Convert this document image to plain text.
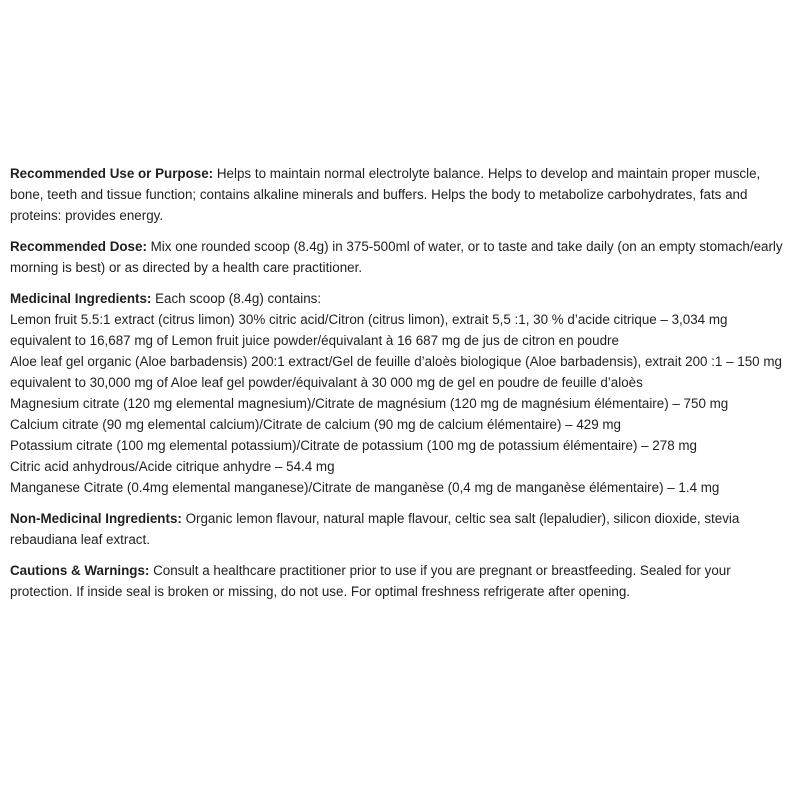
Recommended Use or Purpose: Helps to maintain normal electrolyte balance. Helps to develop and maintain proper muscle, bone, teeth and tissue function; contains alkaline minerals and buffers. Helps the body to metabolize carbohydrates, fats and proteins: provides energy.

Recommended Dose: Mix one rounded scoop (8.4g) in 375-500ml of water, or to taste and take daily (on an empty stomach/early morning is best) or as directed by a health care practitioner.

Medicinal Ingredients: Each scoop (8.4g) contains:

Lemon fruit 5.5:1 extract (citrus limon) 30% citric acid/Citron (citrus limon), extrait 5,5 :1, 30 % d’acide citrique – 3,034 mg

equivalent to 16,687 mg of Lemon fruit juice powder/équivalant à 16 687 mg de jus de citron en poudre

Aloe leaf gel organic (Aloe barbadensis) 200:1 extract/Gel de feuille d’aloès biologique (Aloe barbadensis), extrait 200 :1 – 150 mg

equivalent to 30,000 mg of Aloe leaf gel powder/équivalant à 30 000 mg de gel en poudre de feuille d’aloès

Magnesium citrate (120 mg elemental magnesium)/Citrate de magnésium (120 mg de magnésium élémentaire) – 750 mg

Calcium citrate (90 mg elemental calcium)/Citrate de calcium (90 mg de calcium élémentaire) – 429 mg

Potassium citrate (100 mg elemental potassium)/Citrate de potassium (100 mg de potassium élémentaire) – 278 mg

Citric acid anhydrous/Acide citrique anhydre – 54.4 mg

Manganese Citrate (0.4mg elemental manganese)/Citrate de manganèse (0,4 mg de manganèse élémentaire) – 1.4 mg

Non-Medicinal Ingredients: Organic lemon flavour, natural maple flavour, celtic sea salt (lepaludier), silicon dioxide, stevia rebaudiana leaf extract.

Cautions & Warnings: Consult a healthcare practitioner prior to use if you are pregnant or breastfeeding. Sealed for your protection. If inside seal is broken or missing, do not use. For optimal freshness refrigerate after opening.
